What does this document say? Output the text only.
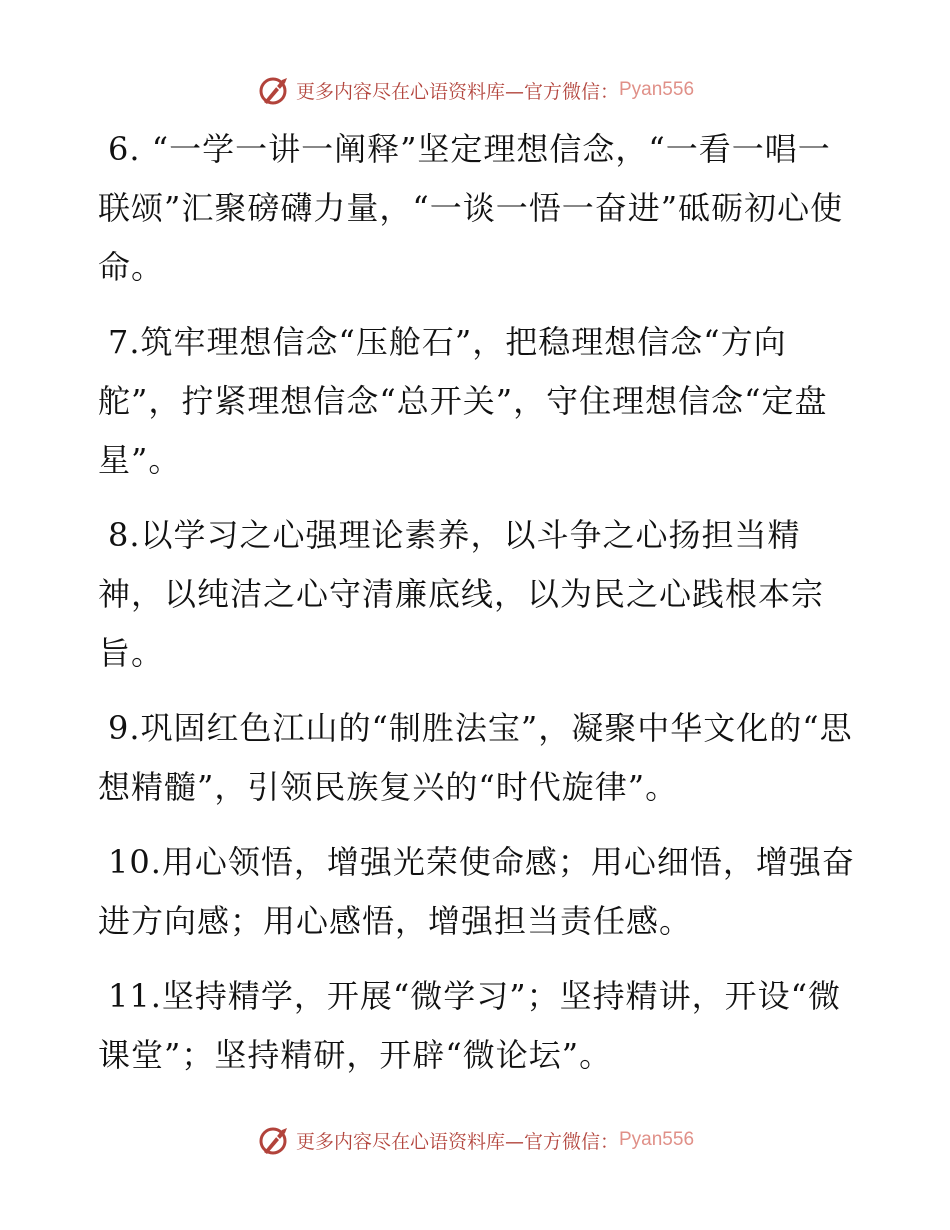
更多内容尽在心语资料库 —官方微信： Pyan556

6. “一学一讲一阐释”坚定理想信念，“一看一唱一联颂”汇聚磅礴力量，“一谈一悟一奋进”砥砺初心使命。

7.筑牢理想信念“压舱石”，把稳理想信念“方向舵”，拧紧理想信念“总开关”，守住理想信念“定盘星”。

8.以学习之心强理论素养，以斗争之心扬担当精神，以纯洁之心守清廉底线，以为民之心践根本宗旨。

9.巩固红色江山的“制胜法宝”，凝聚中华文化的“思想精髓”，引领民族复兴的“时代旋律”。

10.用心领悟，增强光荣使命感；用心细悟，增强奋进方向感；用心感悟，增强担当责任感。

11.坚持精学，开展“微学习”；坚持精讲，开设“微课堂”；坚持精研，开辟“微论坛”。

更多内容尽在心语资料库 —官方微信： Pyan556
